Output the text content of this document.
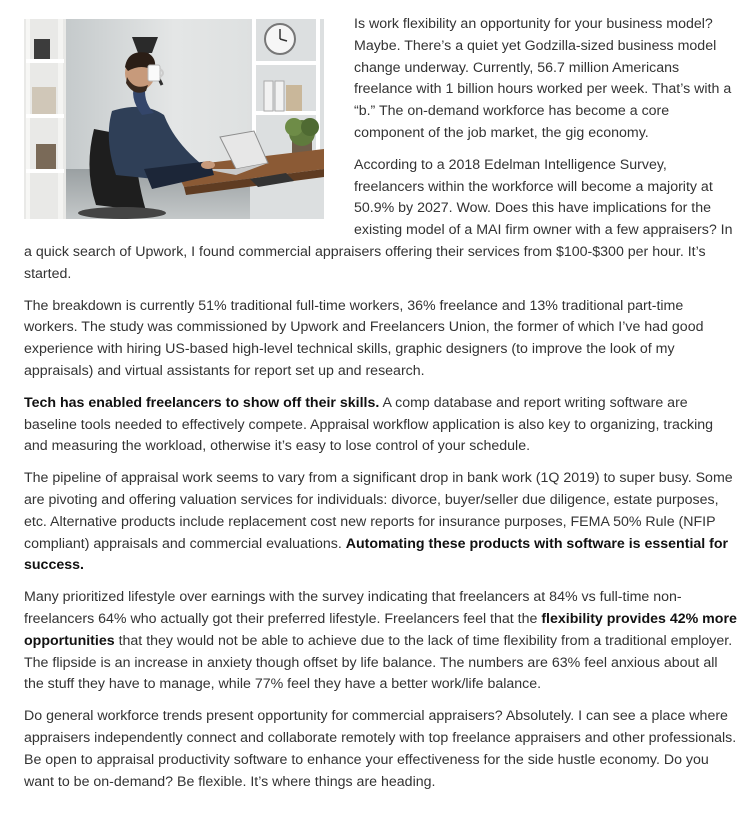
Is work flexibility an opportunity for your business model? Maybe. There’s a quiet yet Godzilla-sized business model change underway. Currently, 56.7 million Americans freelance with 1 billion hours worked per week. That’s with a “b.” The on-demand workforce has become a core component of the job market, the gig economy.

According to a 2018 Edelman Intelligence Survey, freelancers within the workforce will become a majority at 50.9% by 2027. Wow. Does this have implications for the existing model of a MAI firm owner with a few appraisers? In a quick search of Upwork, I found commercial appraisers offering their services from $100-$300 per hour. It’s started.

The breakdown is currently 51% traditional full-time workers, 36% freelance and 13% traditional part-time workers. The study was commissioned by Upwork and Freelancers Union, the former of which I’ve had good experience with hiring US-based high-level technical skills, graphic designers (to improve the look of my appraisals) and virtual assistants for report set up and research.

Tech has enabled freelancers to show off their skills. A comp database and report writing software are baseline tools needed to effectively compete. Appraisal workflow application is also key to organizing, tracking and measuring the workload, otherwise it’s easy to lose control of your schedule.

The pipeline of appraisal work seems to vary from a significant drop in bank work (1Q 2019) to super busy. Some are pivoting and offering valuation services for individuals: divorce, buyer/seller due diligence, estate purposes, etc. Alternative products include replacement cost new reports for insurance purposes, FEMA 50% Rule (NFIP compliant) appraisals and commercial evaluations. Automating these products with software is essential for success.

Many prioritized lifestyle over earnings with the survey indicating that freelancers at 84% vs full-time non-freelancers 64% who actually got their preferred lifestyle. Freelancers feel that the flexibility provides 42% more opportunities that they would not be able to achieve due to the lack of time flexibility from a traditional employer. The flipside is an increase in anxiety though offset by life balance. The numbers are 63% feel anxious about all the stuff they have to manage, while 77% feel they have a better work/life balance.

Do general workforce trends present opportunity for commercial appraisers? Absolutely. I can see a place where appraisers independently connect and collaborate remotely with top freelance appraisers and other professionals. Be open to appraisal productivity software to enhance your effectiveness for the side hustle economy. Do you want to be on-demand? Be flexible. It’s where things are heading.
